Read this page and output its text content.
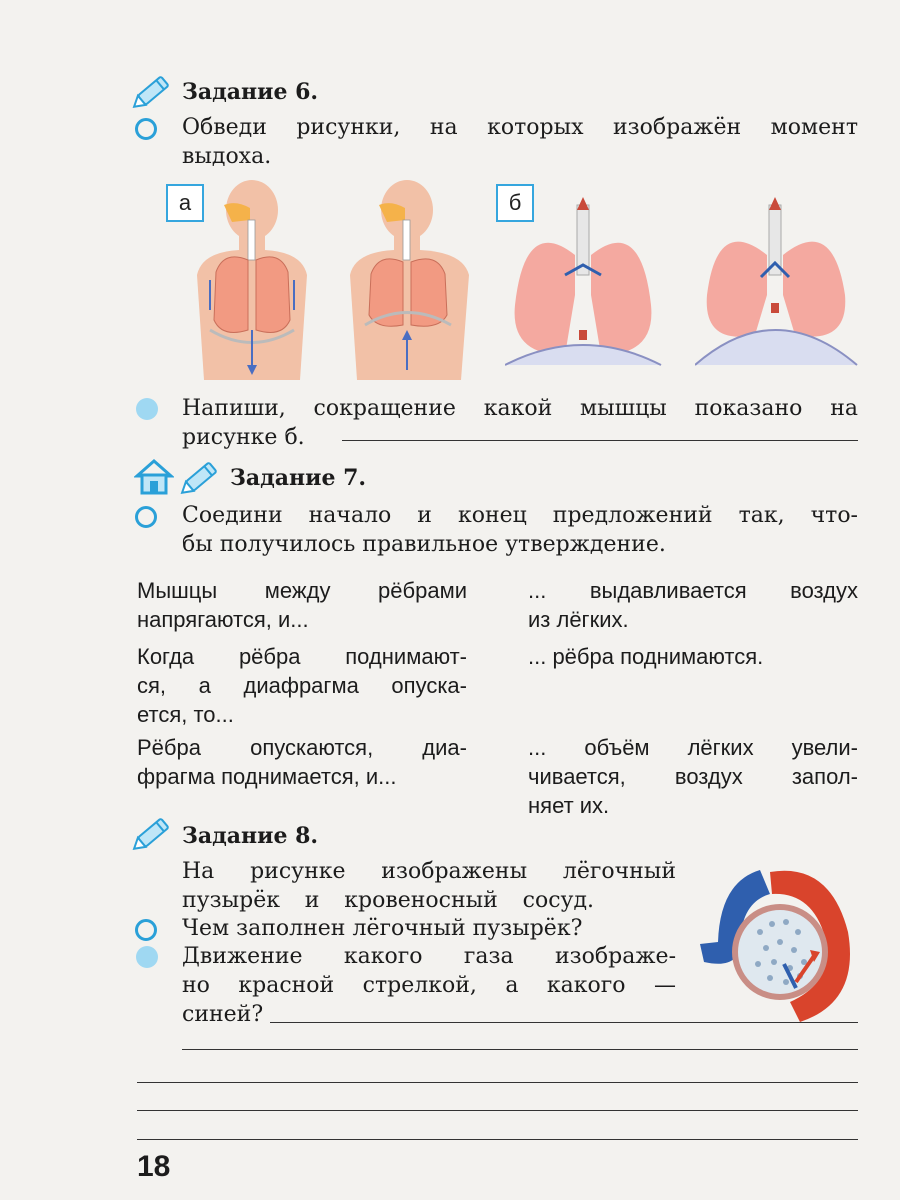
Задание 6.
Обведи рисунки, на которых изображён момент
выдоха.
а	б
Напиши, сокращение какой мышцы показано на
рисунке б.
Задание 7.
Соедини начало и конец предложений так, что-
бы получилось правильное утверждение.
Мышцы между рёбрами
напрягаются, и...
Когда рёбра поднимают-
ся, а диафрагма опуска-
ется, то...
Рёбра опускаются, диа-
фрагма поднимается, и...
... выдавливается воздух
из лёгких.
... рёбра поднимаются.
... объём лёгких увели-
чивается, воздух запол-
няет их.
Задание 8.
На рисунке изображены лёгочный
пузырёк и кровеносный сосуд.
Чем заполнен лёгочный пузырёк?
Движение какого газа изображе-
но красной стрелкой, а какого —
синей?
18
